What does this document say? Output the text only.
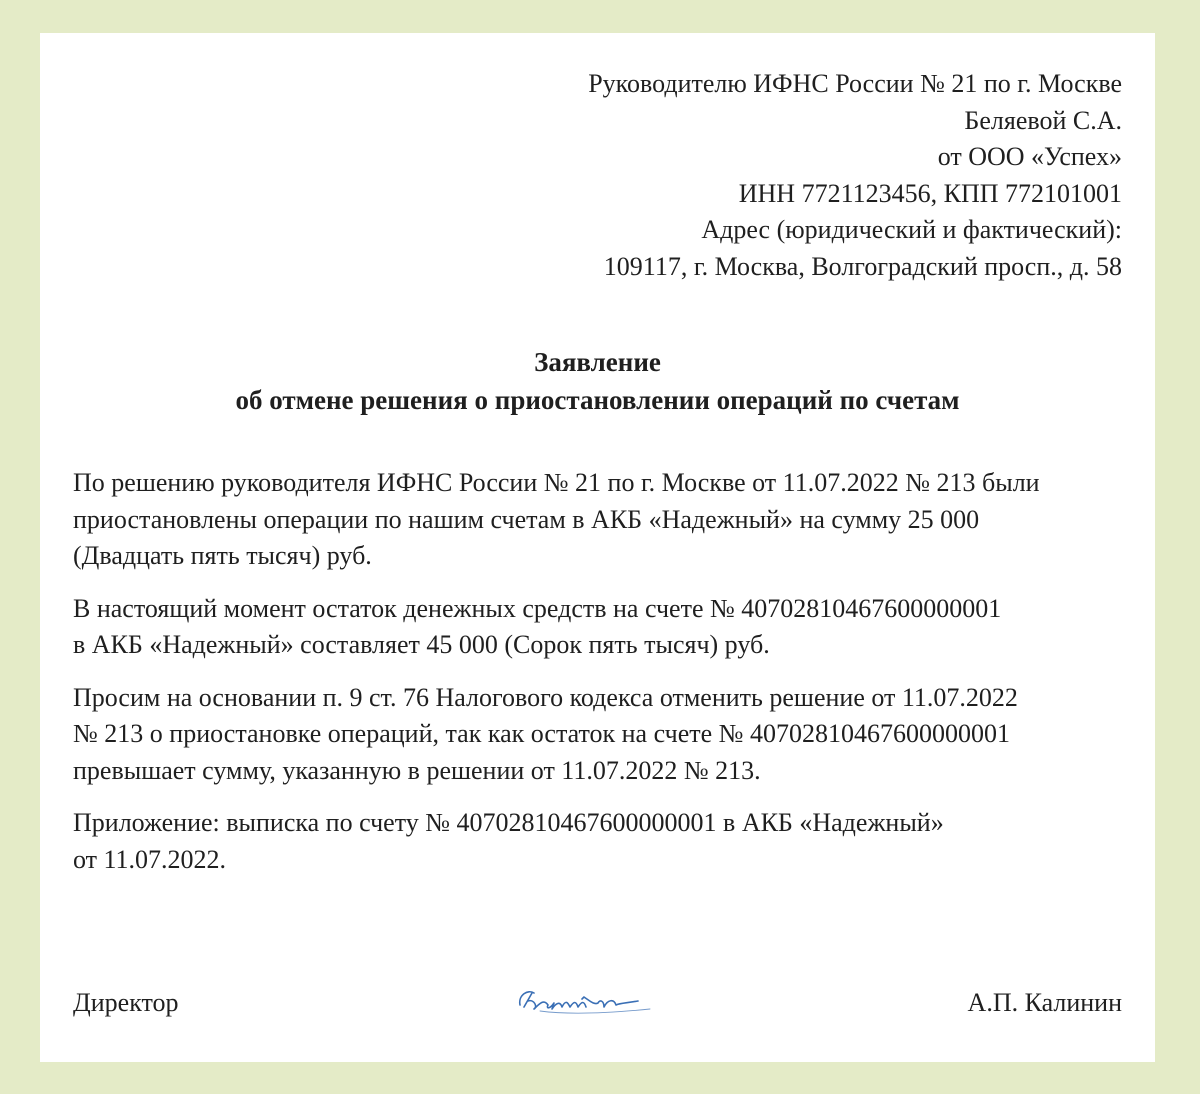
Руководителю ИФНС России № 21 по г. Москве
Беляевой С.А.
от ООО «Успех»
ИНН 7721123456, КПП 772101001
Адрес (юридический и фактический):
109117, г. Москва, Волгоградский просп., д. 58
Заявление
об отмене решения о приостановлении операций по счетам

По решению руководителя ИФНС России № 21 по г. Москве от 11.07.2022 № 213 были
приостановлены операции по нашим счетам в АКБ «Надежный» на сумму 25 000
(Двадцать пять тысяч) руб.

В настоящий момент остаток денежных средств на счете № 40702810467600000001
в АКБ «Надежный» составляет 45 000 (Сорок пять тысяч) руб.

Просим на основании п. 9 ст. 76 Налогового кодекса отменить решение от 11.07.2022
№ 213 о приостановке операций, так как остаток на счете № 40702810467600000001
превышает сумму, указанную в решении от 11.07.2022 № 213.

Приложение: выписка по счету № 40702810467600000001 в АКБ «Надежный»
от 11.07.2022.

Директор	А.П. Калинин
